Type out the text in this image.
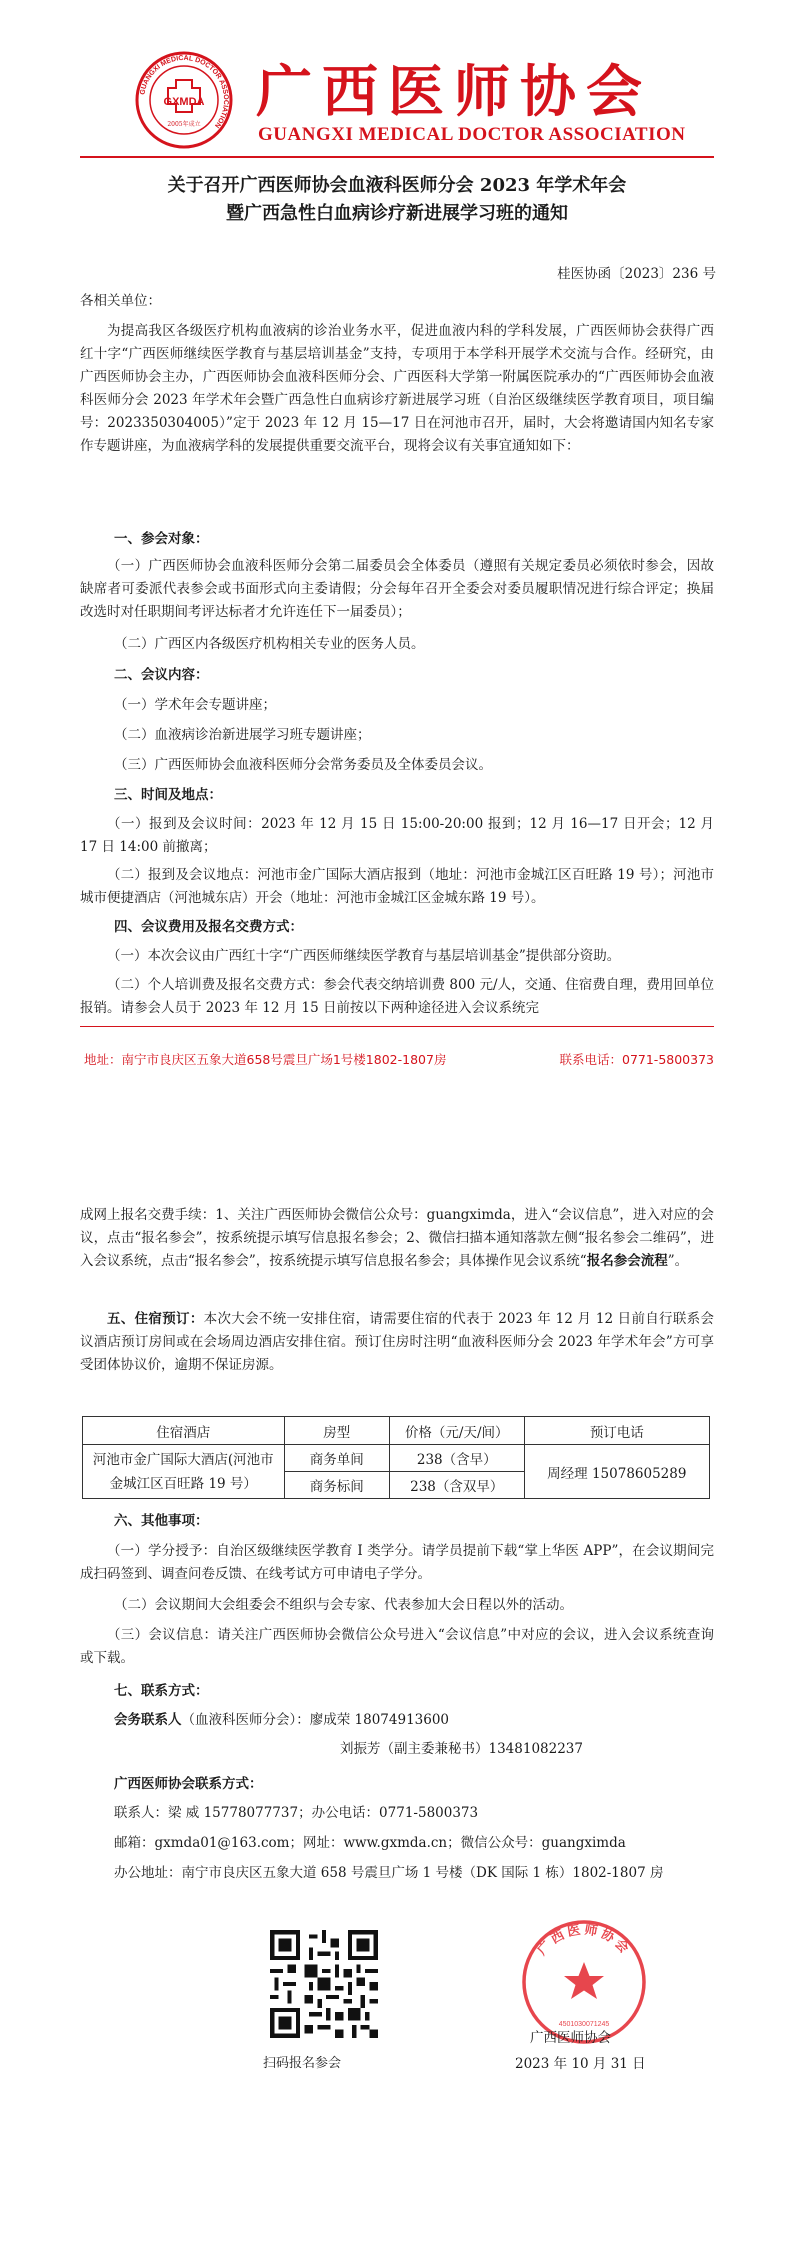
GUANGXI MEDICAL DOCTOR ASSOCIATION
GXMDA
2005年成立 广西医师协会
GUANGXI MEDICAL DOCTOR ASSOCIATION
关于召开广西医师协会血液科医师分会 2023 年学术年会
暨广西急性白血病诊疗新进展学习班的通知
桂医协函〔2023〕236 号
各相关单位：
为提高我区各级医疗机构血液病的诊治业务水平，促进血液内科的学科发展，广西医师协会获得广西红十字“广西医师继续医学教育与基层培训基金”支持，专项用于本学科开展学术交流与合作。经研究，由广西医师协会主办，广西医师协会血液科医师分会、广西医科大学第一附属医院承办的“广西医师协会血液科医师分会 2023 年学术年会暨广西急性白血病诊疗新进展学习班（自治区级继续医学教育项目，项目编号：2023350304005）”定于 2023 年 12 月 15—17 日在河池市召开，届时，大会将邀请国内知名专家作专题讲座，为血液病学科的发展提供重要交流平台，现将会议有关事宜通知如下：
一、参会对象：
（一）广西医师协会血液科医师分会第二届委员会全体委员（遵照有关规定委员必须依时参会，因故缺席者可委派代表参会或书面形式向主委请假；分会每年召开全委会对委员履职情况进行综合评定；换届改选时对任职期间考评达标者才允许连任下一届委员）；
（二）广西区内各级医疗机构相关专业的医务人员。
二、会议内容：
（一）学术年会专题讲座；
（二）血液病诊治新进展学习班专题讲座；
（三）广西医师协会血液科医师分会常务委员及全体委员会议。
三、时间及地点：
（一）报到及会议时间：2023 年 12 月 15 日 15:00-20:00 报到；12 月 16—17 日开会；12 月 17 日 14:00 前撤离；
（二）报到及会议地点：河池市金广国际大酒店报到（地址：河池市金城江区百旺路 19 号）；河池市城市便捷酒店（河池城东店）开会（地址：河池市金城江区金城东路 19 号）。
四、会议费用及报名交费方式：
（一）本次会议由广西红十字“广西医师继续医学教育与基层培训基金”提供部分资助。
（二）个人培训费及报名交费方式：参会代表交纳培训费 800 元/人，交通、住宿费自理，费用回单位报销。请参会人员于 2023 年 12 月 15 日前按以下两种途径进入会议系统完
地址：南宁市良庆区五象大道658号震旦广场1号楼1802-1807房	联系电话：0771-5800373
成网上报名交费手续：1、关注广西医师协会微信公众号：guangximda，进入“会议信息”，进入对应的会议，点击“报名参会”，按系统提示填写信息报名参会；2、微信扫描本通知落款左侧“报名参会二维码”，进入会议系统，点击“报名参会”，按系统提示填写信息报名参会；具体操作见会议系统“报名参会流程”。
五、住宿预订：本次大会不统一安排住宿，请需要住宿的代表于 2023 年 12 月 12 日前自行联系会议酒店预订房间或在会场周边酒店安排住宿。预订住房时注明“血液科医师分会 2023 年学术年会”方可享受团体协议价，逾期不保证房源。
住宿酒店	房型	价格（元/天/间）	预订电话
河池市金广国际大酒店(河池市金城江区百旺路 19 号）	商务单间	238（含早）	周经理 15078605289
	商务标间	238（含双早）	
六、其他事项：
（一）学分授予：自治区级继续医学教育 I 类学分。请学员提前下载“掌上华医 APP”，在会议期间完成扫码签到、调查问卷反馈、在线考试方可申请电子学分。
（二）会议期间大会组委会不组织与会专家、代表参加大会日程以外的活动。
（三）会议信息：请关注广西医师协会微信公众号进入“会议信息”中对应的会议，进入会议系统查询或下载。
七、联系方式：
会务联系人（血液科医师分会）：廖成荣 18074913600
刘振芳（副主委兼秘书）13481082237
广西医师协会联系方式：
联系人：梁 威 15778077737；办公电话：0771-5800373
邮箱：gxmda01@163.com；网址：www.gxmda.cn；微信公众号：guangximda
办公地址：南宁市良庆区五象大道 658 号震旦广场 1 号楼（DK 国际 1 栋）1802-1807 房
扫码报名参会
广西医师协会
4501030071245
广西医师协会
2023 年 10 月 31 日
